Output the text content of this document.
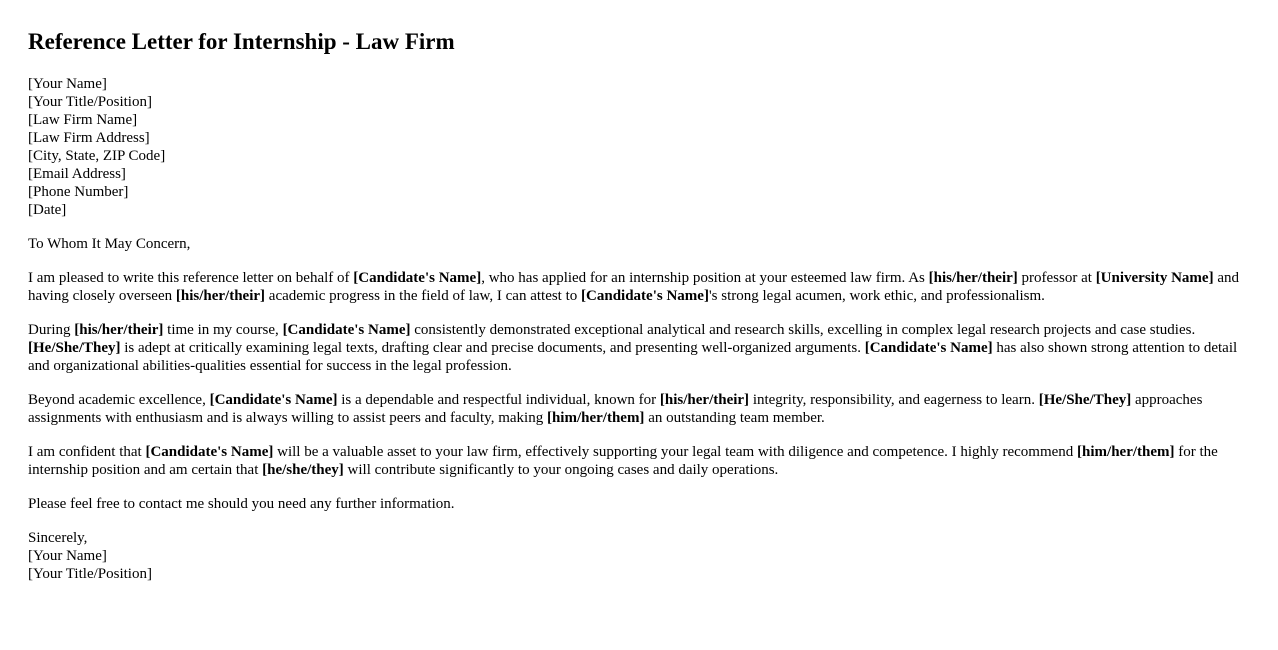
Reference Letter for Internship - Law Firm
[Your Name]
[Your Title/Position]
[Law Firm Name]
[Law Firm Address]
[City, State, ZIP Code]
[Email Address]
[Phone Number]
[Date]

To Whom It May Concern,

I am pleased to write this reference letter on behalf of [Candidate's Name], who has applied for an internship position at your esteemed law firm. As [his/her/their] professor at [University Name] and having closely overseen [his/her/their] academic progress in the field of law, I can attest to [Candidate's Name]'s strong legal acumen, work ethic, and professionalism.

During [his/her/their] time in my course, [Candidate's Name] consistently demonstrated exceptional analytical and research skills, excelling in complex legal research projects and case studies. [He/She/They] is adept at critically examining legal texts, drafting clear and precise documents, and presenting well-organized arguments. [Candidate's Name] has also shown strong attention to detail and organizational abilities-qualities essential for success in the legal profession.

Beyond academic excellence, [Candidate's Name] is a dependable and respectful individual, known for [his/her/their] integrity, responsibility, and eagerness to learn. [He/She/They] approaches assignments with enthusiasm and is always willing to assist peers and faculty, making [him/her/them] an outstanding team member.

I am confident that [Candidate's Name] will be a valuable asset to your law firm, effectively supporting your legal team with diligence and competence. I highly recommend [him/her/them] for the internship position and am certain that [he/she/they] will contribute significantly to your ongoing cases and daily operations.

Please feel free to contact me should you need any further information.

Sincerely,
[Your Name]
[Your Title/Position]
